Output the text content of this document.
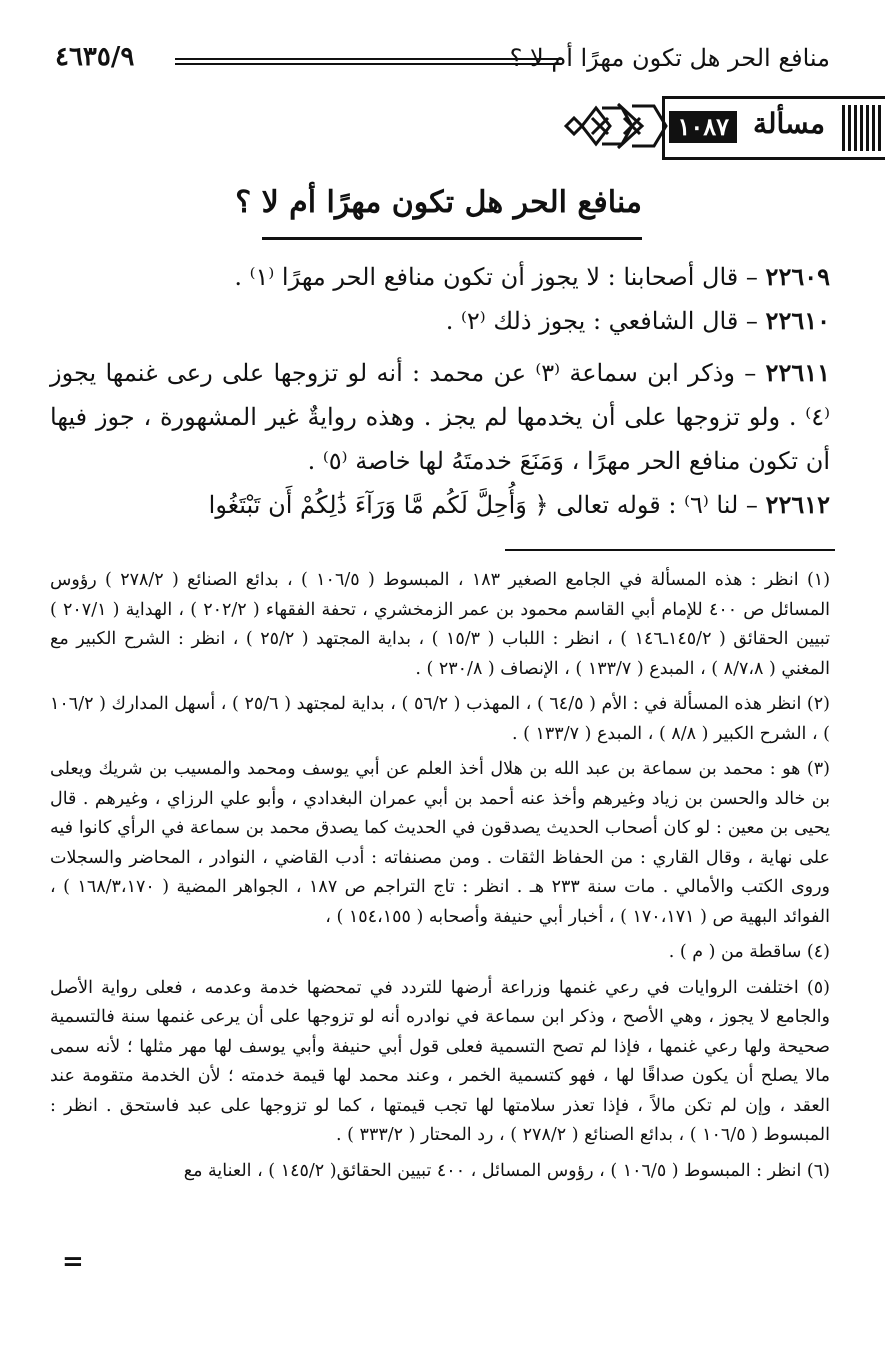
منافع الحر هل تكون مهرًا أم لا ؟
٤٦٣٥/٩
مسألة
١٠٨٧
منافع الحر هل تكون مهرًا أم لا ؟

٢٢٦٠٩ – قال أصحابنا : لا يجوز أن تكون منافع الحر مهرًا ⁽١⁾ .

٢٢٦١٠ – قال الشافعي : يجوز ذلك ⁽٢⁾ .

٢٢٦١١ – وذكر ابن سماعة ⁽٣⁾ عن محمد : أنه لو تزوجها على رعى غنمها يجوز ⁽٤⁾ . ولو تزوجها على أن يخدمها لم يجز . وهذه روايةٌ غير المشهورة ، جوز فيها أن تكون منافع الحر مهرًا ، وَمَنَعَ خدمتَهُ لها خاصة ⁽٥⁾ .

٢٢٦١٢ – لنا ⁽٦⁾ : قوله تعالى ﴿ وَأُحِلَّ لَكُم مَّا وَرَآءَ ذَٰلِكُمْ أَن تَبْتَغُوا

(١) انظر : هذه المسألة في الجامع الصغير ١٨٣ ، المبسوط ( ١٠٦/٥ ) ، بدائع الصنائع ( ٢٧٨/٢ ) رؤوس المسائل ص ٤٠٠ للإمام أبي القاسم محمود بن عمر الزمخشري ، تحفة الفقهاء ( ٢٠٢/٢ ) ، الهداية ( ٢٠٧/١ ) تبيين الحقائق ( ١٤٥/٢ـ١٤٦ ) ، انظر : اللباب ( ١٥/٣ ) ، بداية المجتهد ( ٢٥/٢ ) ، انظر : الشرح الكبير مع المغني ( ٨/٧،٨ ) ، المبدع ( ١٣٣/٧ ) ، الإنصاف ( ٢٣٠/٨ ) .

(٢) انظر هذه المسألة في : الأم ( ٦٤/٥ ) ، المهذب ( ٥٦/٢ ) ، بداية لمجتهد ( ٢٥/٦ ) ، أسهل المدارك ( ١٠٦/٢ ) ، الشرح الكبير ( ٨/٨ ) ، المبدع ( ١٣٣/٧ ) .

(٣) هو : محمد بن سماعة بن عبد الله بن هلال أخذ العلم عن أبي يوسف ومحمد والمسيب بن شريك ويعلى بن خالد والحسن بن زياد وغيرهم وأخذ عنه أحمد بن أبي عمران البغدادي ، وأبو علي الرزاي ، وغيرهم . قال يحيى بن معين : لو كان أصحاب الحديث يصدقون في الحديث كما يصدق محمد بن سماعة في الرأي كانوا فيه على نهاية ، وقال القاري : من الحفاظ الثقات . ومن مصنفاته : أدب القاضي ، النوادر ، المحاضر والسجلات وروى الكتب والأمالي . مات سنة ٢٣٣ هـ . انظر : تاج التراجم ص ١٨٧ ، الجواهر المضية ( ١٦٨/٣،١٧٠ ) ، الفوائد البهية ص ( ١٧٠،١٧١ ) ، أخبار أبي حنيفة وأصحابه ( ١٥٤،١٥٥ ) ،

(٤) ساقطة من ( م ) .

(٥) اختلفت الروايات في رعي غنمها وزراعة أرضها للتردد في تمحضها خدمة وعدمه ، فعلى رواية الأصل والجامع لا يجوز ، وهي الأصح ، وذكر ابن سماعة في نوادره أنه لو تزوجها على أن يرعى غنمها سنة فالتسمية صحيحة ولها رعي غنمها ، فإذا لم تصح التسمية فعلى قول أبي حنيفة وأبي يوسف لها مهر مثلها ؛ لأنه سمى مالا يصلح أن يكون صداقًا لها ، فهو كتسمية الخمر ، وعند محمد لها قيمة خدمته ؛ لأن الخدمة متقومة عند العقد ، وإن لم تكن مالاً ، فإذا تعذر سلامتها لها تجب قيمتها ، كما لو تزوجها على عبد فاستحق . انظر : المبسوط ( ١٠٦/٥ ) ، بدائع الصنائع ( ٢٧٨/٢ ) ، رد المحتار ( ٣٣٣/٢ ) .

(٦) انظر : المبسوط ( ١٠٦/٥ ) ، رؤوس المسائل ، ٤٠٠ تبيين الحقائق( ١٤٥/٢ ) ، العناية مع

=
